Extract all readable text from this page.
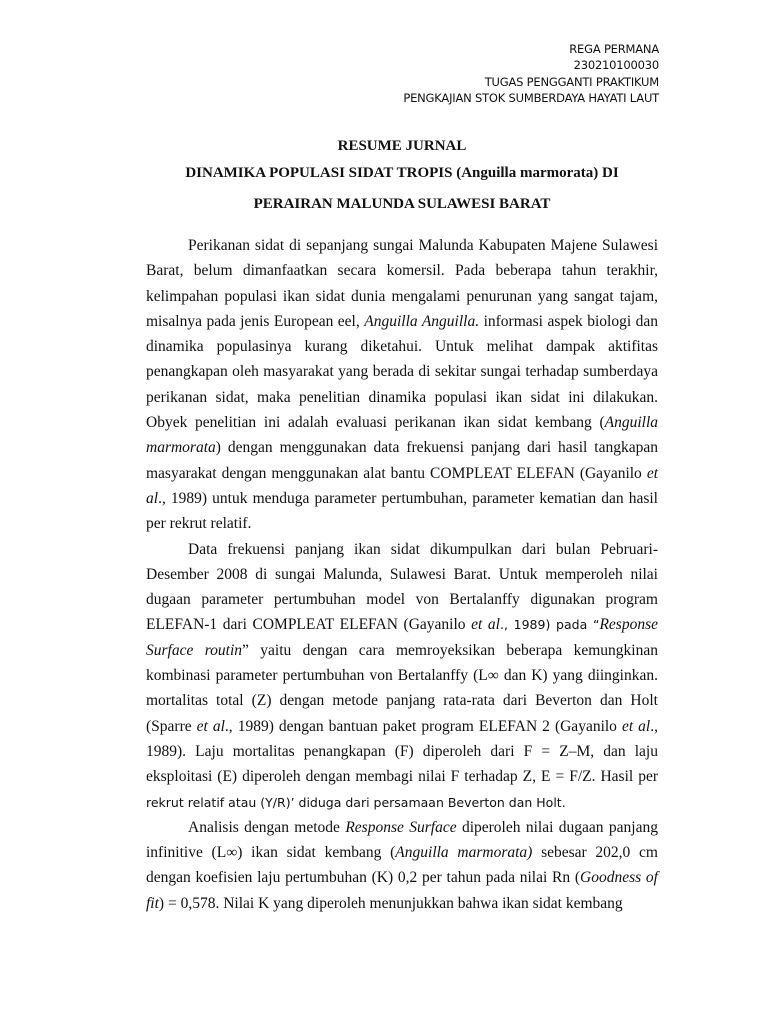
REGA PERMANA
230210100030
TUGAS PENGGANTI PRAKTIKUM
PENGKAJIAN STOK SUMBERDAYA HAYATI LAUT
RESUME JURNAL
DINAMIKA POPULASI SIDAT TROPIS (Anguilla marmorata) DI
PERAIRAN MALUNDA SULAWESI BARAT

Perikanan sidat di sepanjang sungai Malunda Kabupaten Majene Sulawesi Barat, belum dimanfaatkan secara komersil. Pada beberapa tahun terakhir, kelimpahan populasi ikan sidat dunia mengalami penurunan yang sangat tajam, misalnya pada jenis European eel, Anguilla Anguilla. informasi aspek biologi dan dinamika populasinya kurang diketahui. Untuk melihat dampak aktifitas penangkapan oleh masyarakat yang berada di sekitar sungai terhadap sumberdaya perikanan sidat, maka penelitian dinamika populasi ikan sidat ini dilakukan. Obyek penelitian ini adalah evaluasi perikanan ikan sidat kembang (Anguilla marmorata) dengan menggunakan data frekuensi panjang dari hasil tangkapan masyarakat dengan menggunakan alat bantu COMPLEAT ELEFAN (Gayanilo et al., 1989) untuk menduga parameter pertumbuhan, parameter kematian dan hasil per rekrut relatif.

Data frekuensi panjang ikan sidat dikumpulkan dari bulan Pebruari-Desember 2008 di sungai Malunda, Sulawesi Barat. Untuk memperoleh nilai dugaan parameter pertumbuhan model von Bertalanffy digunakan program ELEFAN-1 dari COMPLEAT ELEFAN (Gayanilo et al., 1989) pada “Response Surface routin” yaitu dengan cara memroyeksikan beberapa kemungkinan kombinasi parameter pertumbuhan von Bertalanffy (L∞ dan K) yang diinginkan. mortalitas total (Z) dengan metode panjang rata-rata dari Beverton dan Holt (Sparre et al., 1989) dengan bantuan paket program ELEFAN 2 (Gayanilo et al., 1989). Laju mortalitas penangkapan (F) diperoleh dari F = Z–M, dan laju eksploitasi (E) diperoleh dengan membagi nilai F terhadap Z, E = F/Z. Hasil per rekrut relatif atau (Y/R)’ diduga dari persamaan Beverton dan Holt.

Analisis dengan metode Response Surface diperoleh nilai dugaan panjang infinitive (L∞) ikan sidat kembang (Anguilla marmorata) sebesar 202,0 cm dengan koefisien laju pertumbuhan (K) 0,2 per tahun pada nilai Rn (Goodness of fit) = 0,578. Nilai K yang diperoleh menunjukkan bahwa ikan sidat kembang
